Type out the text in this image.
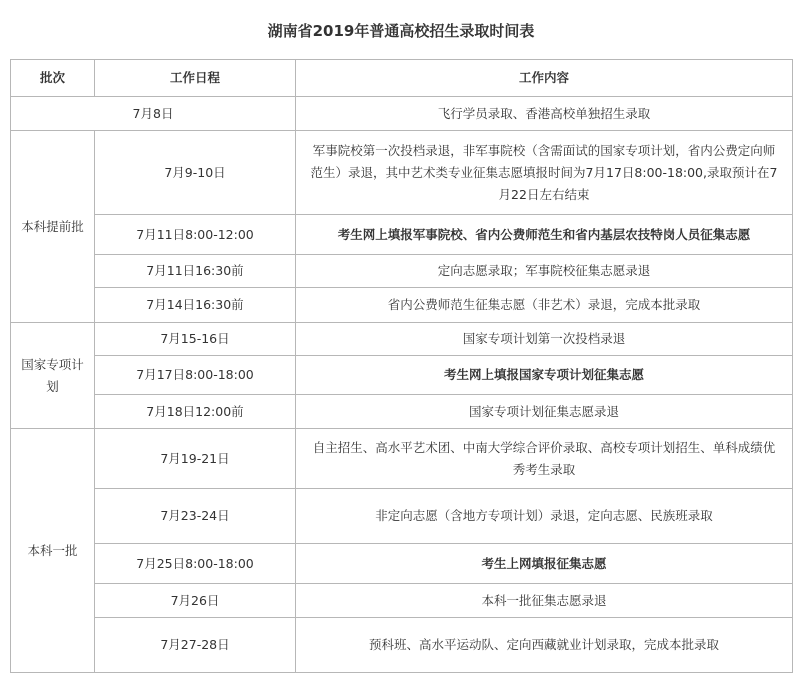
湖南省2019年普通高校招生录取时间表
批次	工作日程	工作内容
7月8日		飞行学员录取、香港高校单独招生录取
本科提前批	7月9-10日	军事院校第一次投档录退，非军事院校（含需面试的国家专项计划，省内公费定向师范生）录退，其中艺术类专业征集志愿填报时间为7月17日8:00-18:00,录取预计在7月22日左右结束
	7月11日8:00-12:00	考生网上填报军事院校、省内公费师范生和省内基层农技特岗人员征集志愿
	7月11日16:30前	定向志愿录取；军事院校征集志愿录退
	7月14日16:30前	省内公费师范生征集志愿（非艺术）录退，完成本批录取
国家专项计划	7月15-16日	国家专项计划第一次投档录退
	7月17日8:00-18:00	考生网上填报国家专项计划征集志愿
	7月18日12:00前	国家专项计划征集志愿录退
本科一批	7月19-21日	自主招生、高水平艺术团、中南大学综合评价录取、高校专项计划招生、单科成绩优秀考生录取
	7月23-24日	非定向志愿（含地方专项计划）录退，定向志愿、民族班录取
	7月25日8:00-18:00	考生上网填报征集志愿
	7月26日	本科一批征集志愿录退
	7月27-28日	预科班、高水平运动队、定向西藏就业计划录取，完成本批录取
